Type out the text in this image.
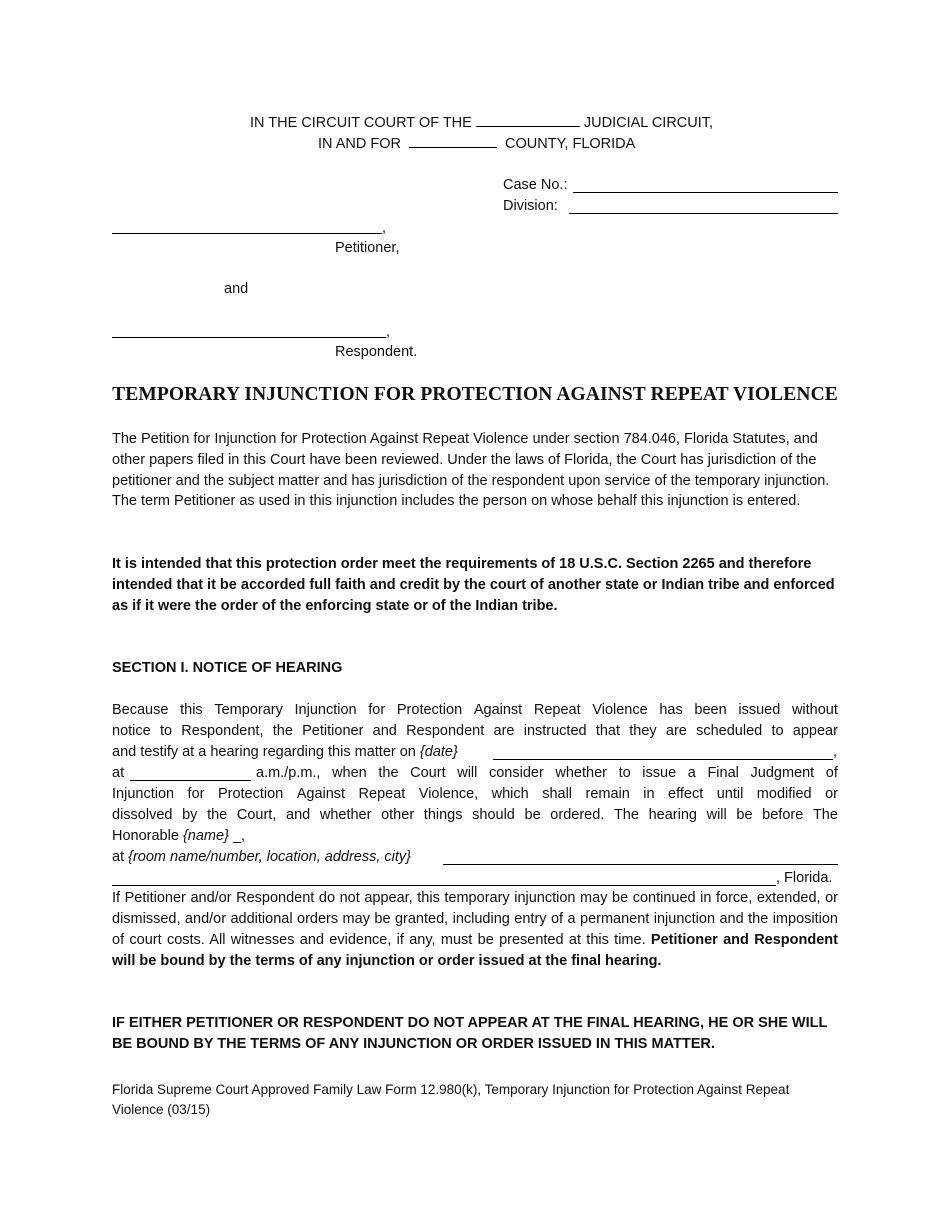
IN THE CIRCUIT COURT OF THE	JUDICIAL CIRCUIT,
IN AND FOR	COUNTY, FLORIDA
Case No.:
Division:
,
Petitioner,
and
,
Respondent.
TEMPORARY INJUNCTION FOR PROTECTION AGAINST REPEAT VIOLENCE
The Petition for Injunction for Protection Against Repeat Violence under section 784.046, Florida Statutes, and other papers filed in this Court have been reviewed. Under the laws of Florida, the Court has jurisdiction of the petitioner and the subject matter and has jurisdiction of the respondent upon service of the temporary injunction. The term Petitioner as used in this injunction includes the person on whose behalf this injunction is entered.
It is intended that this protection order meet the requirements of 18 U.S.C. Section 2265 and therefore intended that it be accorded full faith and credit by the court of another state or Indian tribe and enforced as if it were the order of the enforcing state or of the Indian tribe.
SECTION I. NOTICE OF HEARING
Because this Temporary Injunction for Protection Against Repeat Violence has been issued without
notice to Respondent, the Petitioner and Respondent are instructed that they are scheduled to appear
and testify at a hearing regarding this matter on {date}	,
at	a.m./p.m., when the Court will consider whether to issue a Final Judgment of
Injunction for Protection Against Repeat Violence, which shall remain in effect until modified or
dissolved by the Court, and whether other things should be ordered. The hearing will be before The
Honorable {name} _,
at {room name/number, location, address, city}
, Florida.
If Petitioner and/or Respondent do not appear, this temporary injunction may be continued in force, extended, or dismissed, and/or additional orders may be granted, including entry of a permanent injunction and the imposition of court costs. All witnesses and evidence, if any, must be presented at this time. Petitioner and Respondent will be bound by the terms of any injunction or order issued at the final hearing.
IF EITHER PETITIONER OR RESPONDENT DO NOT APPEAR AT THE FINAL HEARING, HE OR SHE WILL BE BOUND BY THE TERMS OF ANY INJUNCTION OR ORDER ISSUED IN THIS MATTER.
Florida Supreme Court Approved Family Law Form 12.980(k), Temporary Injunction for Protection Against Repeat Violence (03/15)
